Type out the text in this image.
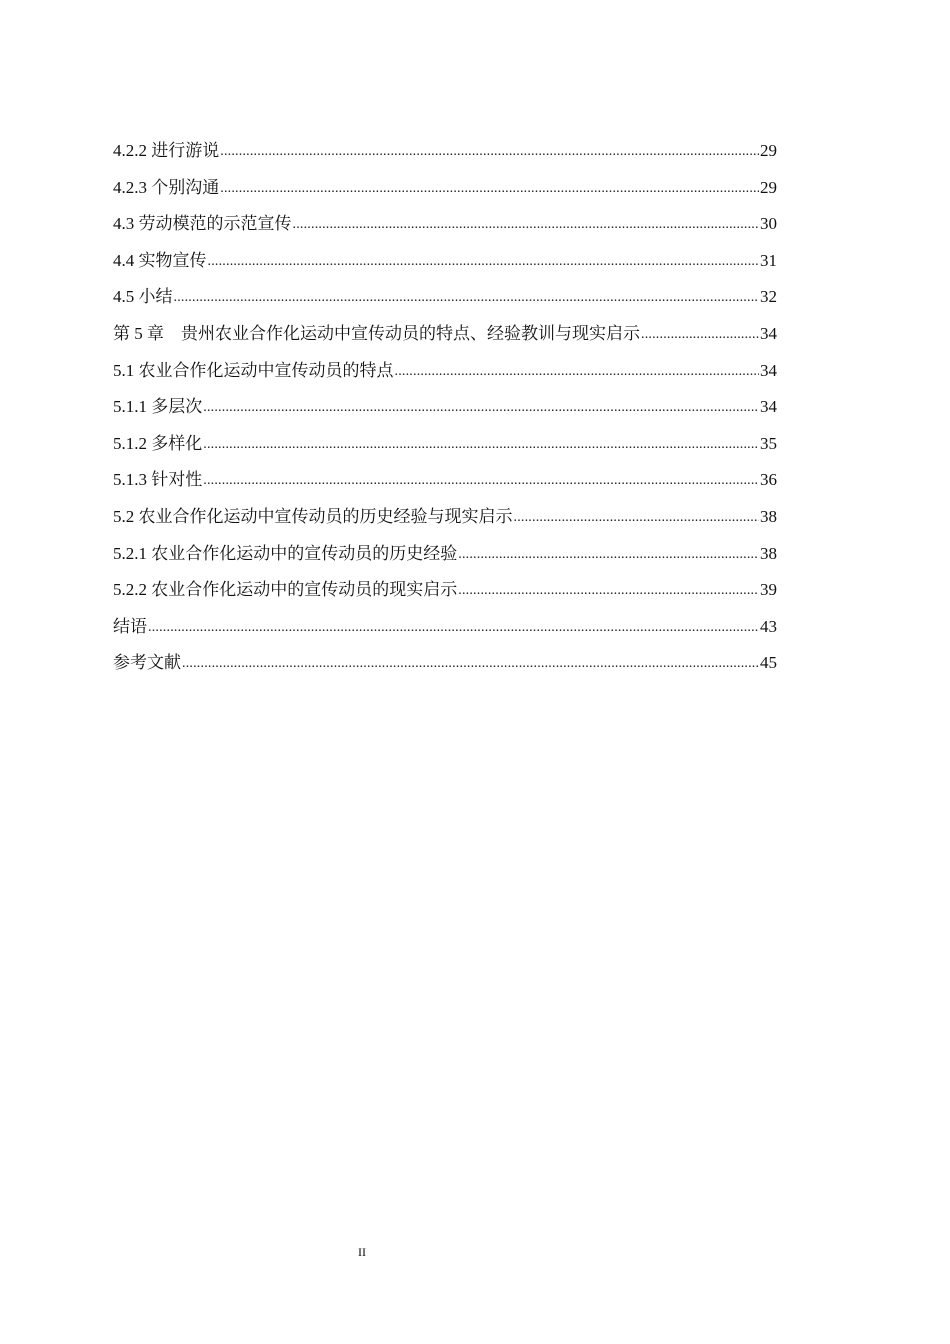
4.2.2 进行游说 .....	29
4.2.3 个别沟通 .....	29
4.3 劳动模范的示范宣传 .....	30
4.4 实物宣传 .....	31
4.5 小结 .....	32
第 5 章　贵州农业合作化运动中宣传动员的特点、经验教训与现实启示 .....	34
5.1 农业合作化运动中宣传动员的特点 .....	34
5.1.1 多层次 .....	34
5.1.2 多样化 .....	35
5.1.3 针对性 .....	36
5.2 农业合作化运动中宣传动员的历史经验与现实启示 .....	38
5.2.1 农业合作化运动中的宣传动员的历史经验 .....	38
5.2.2 农业合作化运动中的宣传动员的现实启示 .....	39
结语 .....	43
参考文献 .....	45
II
